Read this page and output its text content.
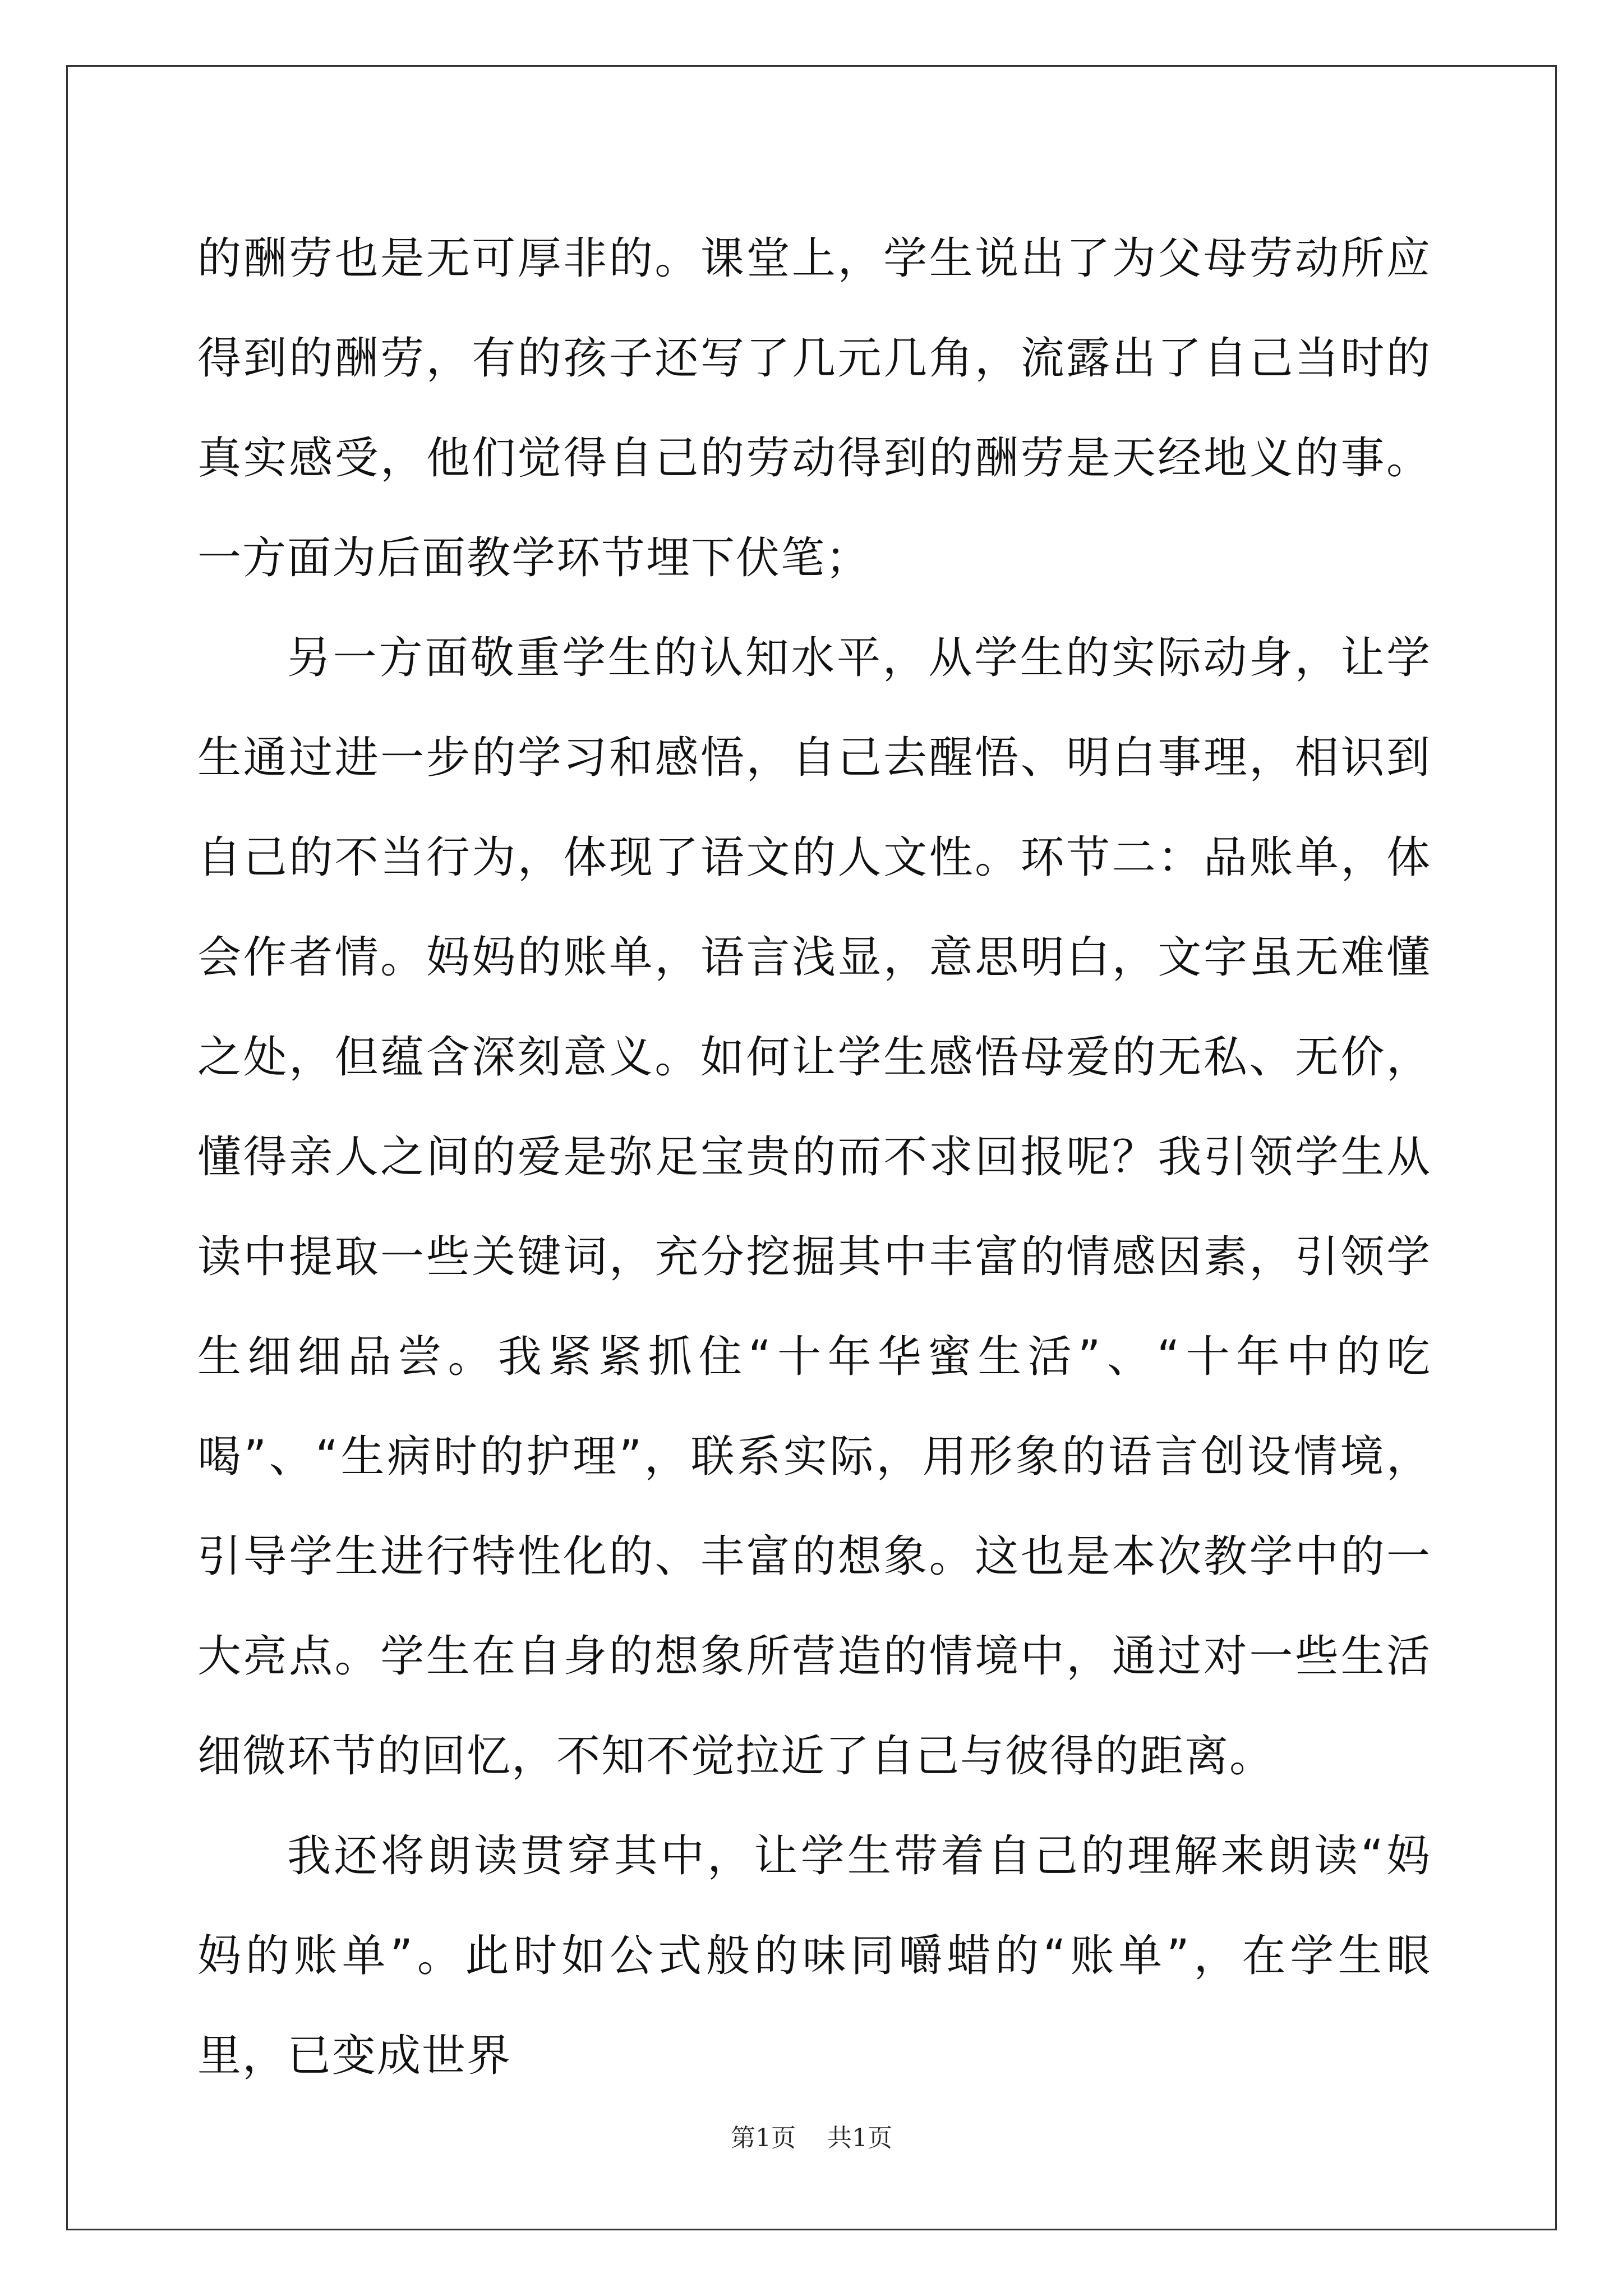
的酬劳也是无可厚非的。课堂上，学生说出了为父母劳动所应得到的酬劳，有的孩子还写了几元几角，流露出了自己当时的真实感受，他们觉得自己的劳动得到的酬劳是天经地义的事。一方面为后面教学环节埋下伏笔；

另一方面敬重学生的认知水平，从学生的实际动身，让学生通过进一步的学习和感悟，自己去醒悟、明白事理，相识到自己的不当行为，体现了语文的人文性。环节二：品账单，体会作者情。妈妈的账单，语言浅显，意思明白，文字虽无难懂之处，但蕴含深刻意义。如何让学生感悟母爱的无私、无价，懂得亲人之间的爱是弥足宝贵的而不求回报呢？我引领学生从读中提取一些关键词，充分挖掘其中丰富的情感因素，引领学生细细品尝。我紧紧抓住“十年华蜜生活”、“十年中的吃喝”、“生病时的护理”，联系实际，用形象的语言创设情境，引导学生进行特性化的、丰富的想象。这也是本次教学中的一大亮点。学生在自身的想象所营造的情境中，通过对一些生活细微环节的回忆，不知不觉拉近了自己与彼得的距离。

我还将朗读贯穿其中，让学生带着自己的理解来朗读“妈妈的账单”。此时如公式般的味同嚼蜡的“账单”，在学生眼里，已变成世界

第1页 共1页
